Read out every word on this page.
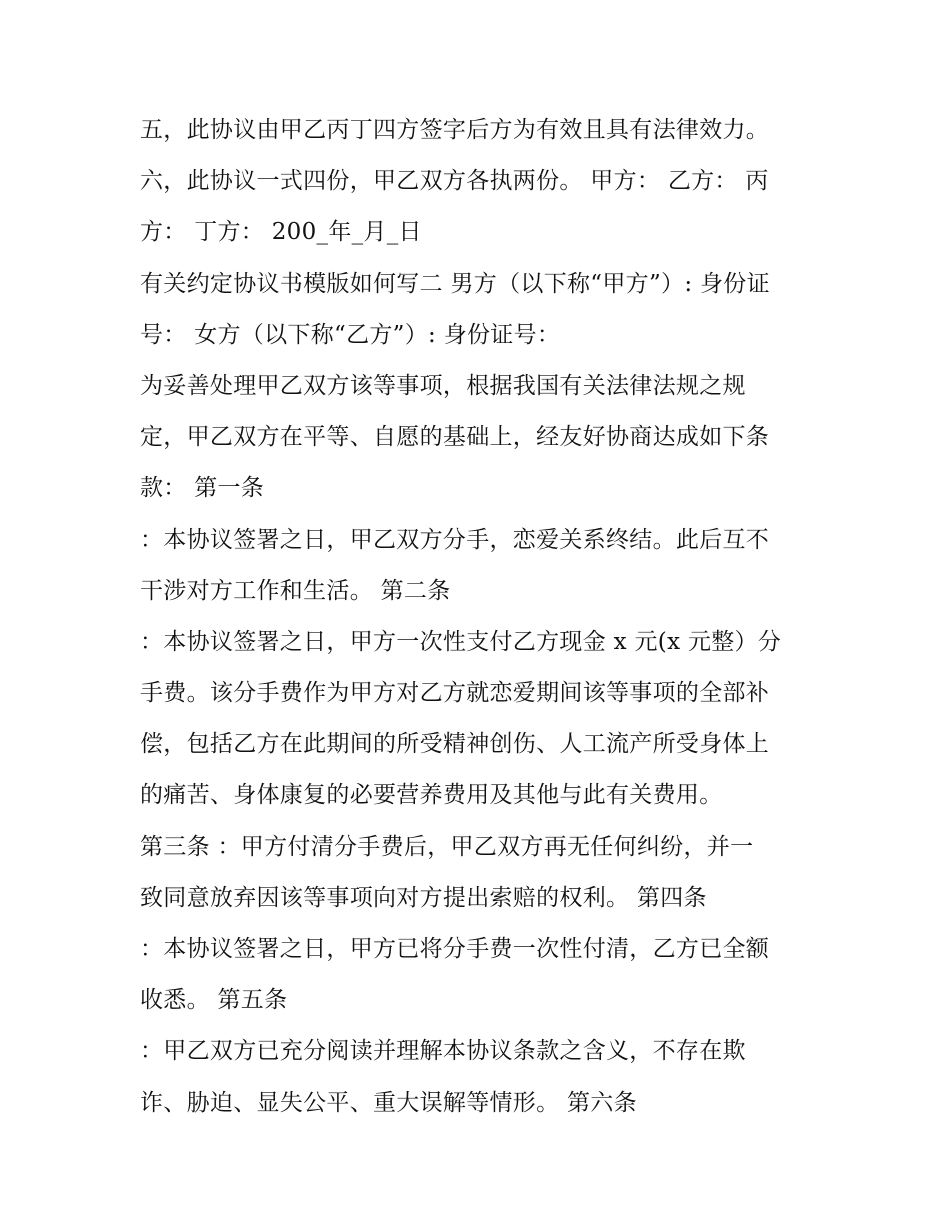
五，此协议由甲乙丙丁四方签字后方为有效且具有法律效力。
六，此协议一式四份，甲乙双方各执两份。 甲方： 乙方： 丙
方： 丁方： 200_年_月_日
有关约定协议书模版如何写二 男方（以下称“甲方”）: 身份证
号： 女方（以下称“乙方”）: 身份证号：
为妥善处理甲乙双方该等事项，根据我国有关法律法规之规
定，甲乙双方在平等、自愿的基础上，经友好协商达成如下条
款： 第一条
：本协议签署之日，甲乙双方分手，恋爱关系终结。此后互不
干涉对方工作和生活。 第二条
：本协议签署之日，甲方一次性支付乙方现金 x 元(x 元整）分
手费。该分手费作为甲方对乙方就恋爱期间该等事项的全部补
偿，包括乙方在此期间的所受精神创伤、人工流产所受身体上
的痛苦、身体康复的必要营养费用及其他与此有关费用。
第三条 ：甲方付清分手费后，甲乙双方再无任何纠纷，并一
致同意放弃因该等事项向对方提出索赔的权利。 第四条
：本协议签署之日，甲方已将分手费一次性付清，乙方已全额
收悉。 第五条
：甲乙双方已充分阅读并理解本协议条款之含义，不存在欺
诈、胁迫、显失公平、重大误解等情形。 第六条
